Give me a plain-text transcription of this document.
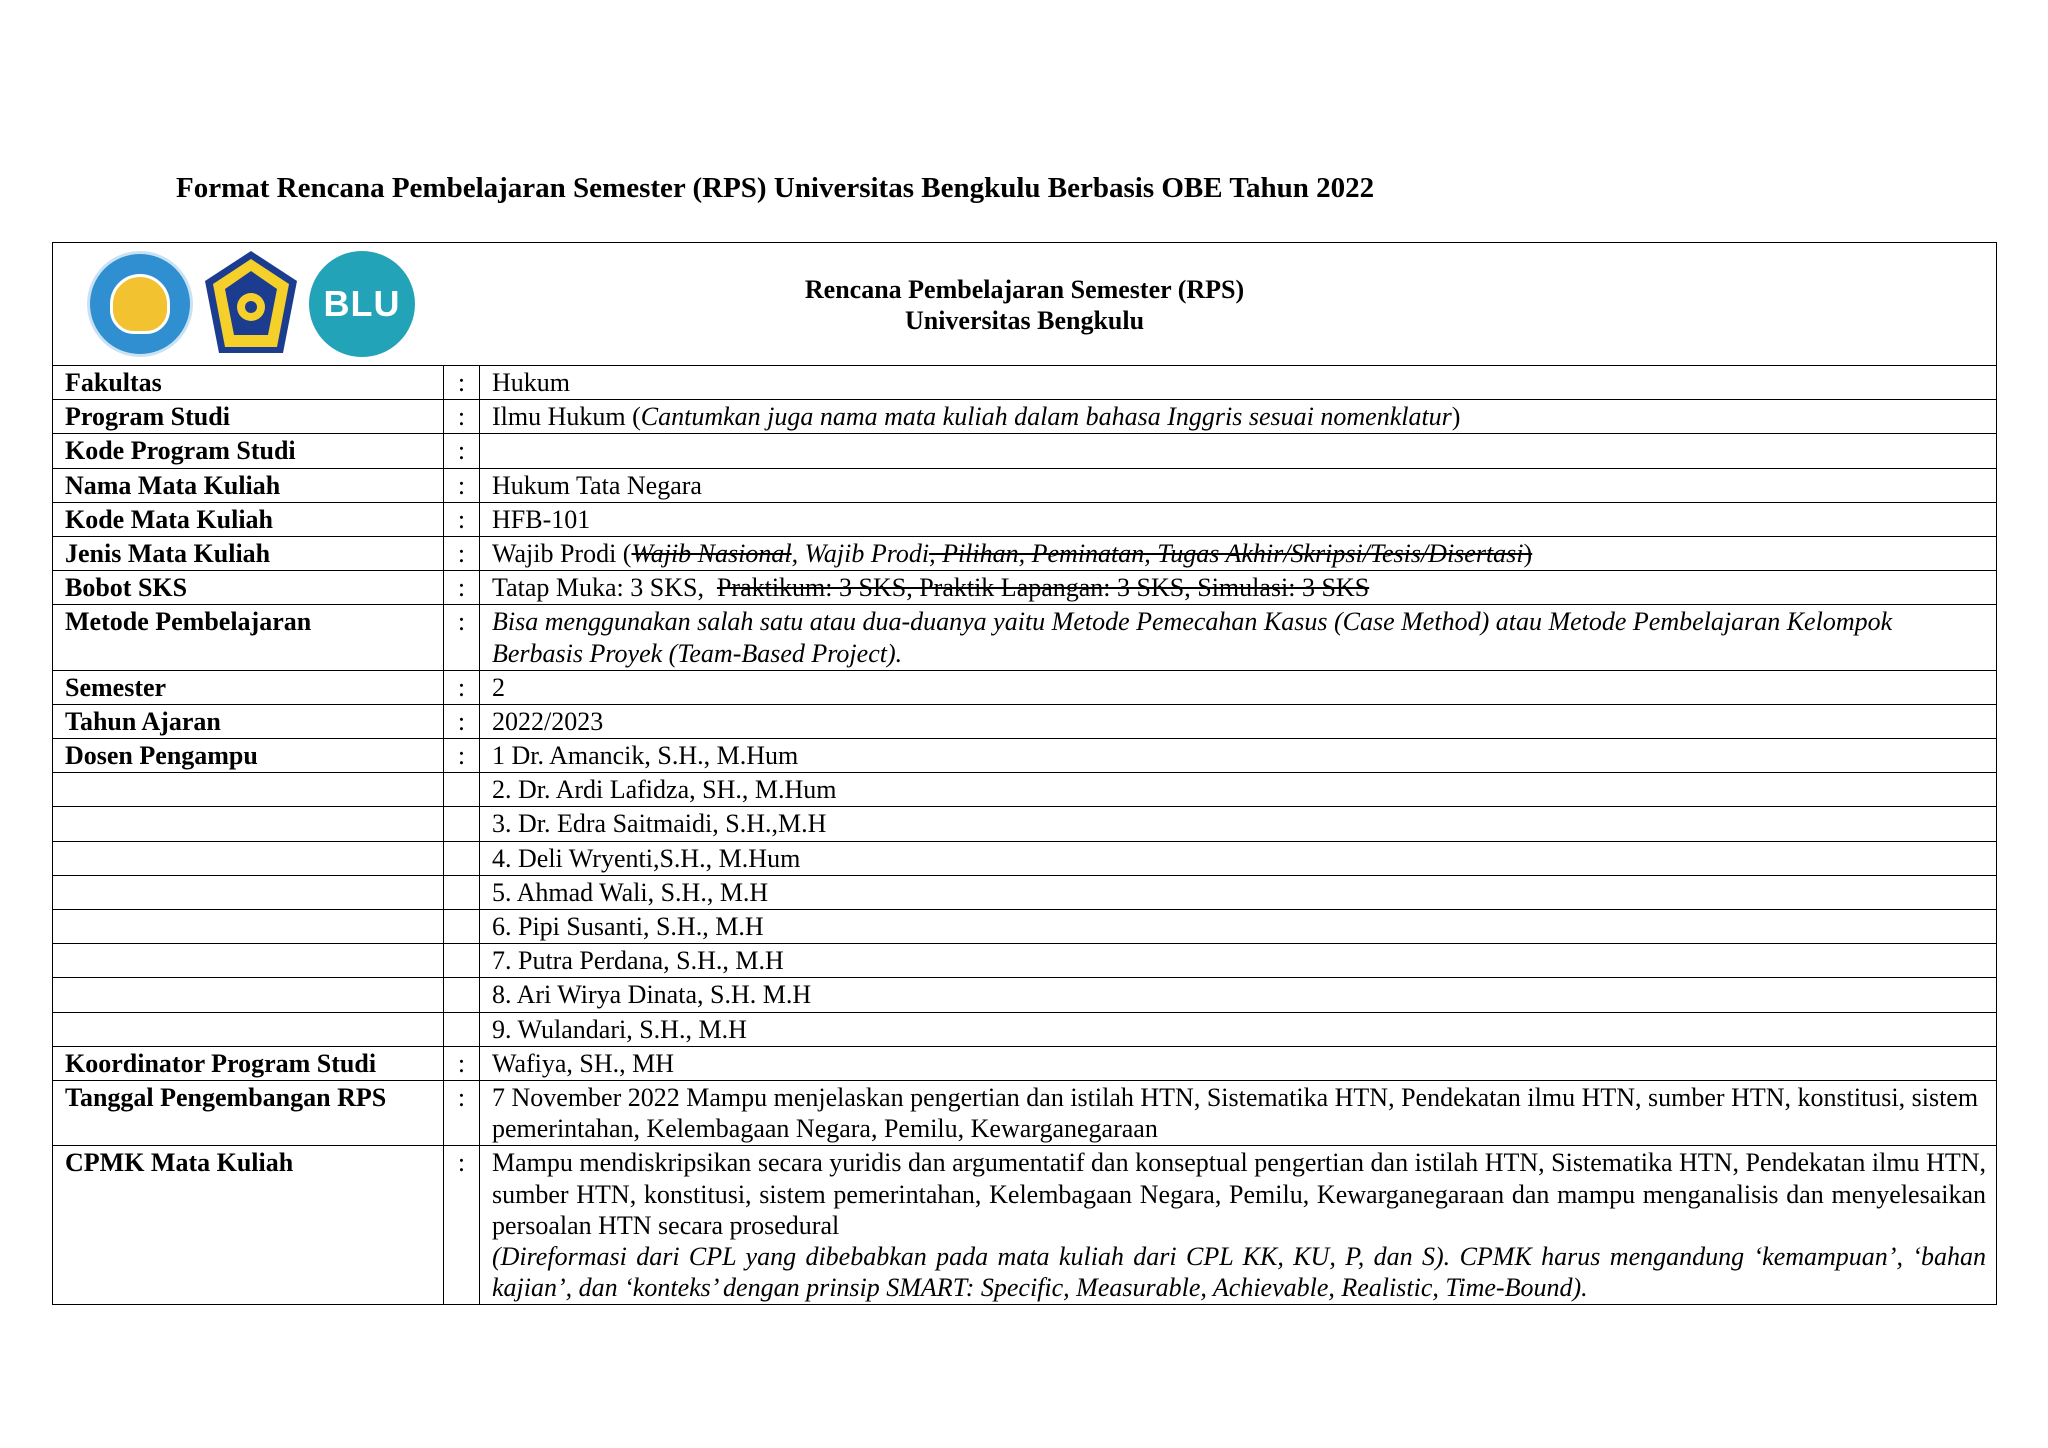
Format Rencana Pembelajaran Semester (RPS) Universitas Bengkulu Berbasis OBE Tahun 2022
BLU Rencana Pembelajaran Semester (RPS)
Universitas Bengkulu		

Fakultas	:	Hukum
Program Studi	:	Ilmu Hukum (Cantumkan juga nama mata kuliah dalam bahasa Inggris sesuai nomenklatur)
Kode Program Studi	:	
Nama Mata Kuliah	:	Hukum Tata Negara
Kode Mata Kuliah	:	HFB-101
Jenis Mata Kuliah	:	Wajib Prodi (Wajib Nasional, Wajib Prodi, Pilihan, Peminatan, Tugas Akhir/Skripsi/Tesis/Disertasi)
Bobot SKS	:	Tatap Muka: 3 SKS, Praktikum: 3 SKS, Praktik Lapangan: 3 SKS, Simulasi: 3 SKS
Metode Pembelajaran	:	Bisa menggunakan salah satu atau dua-duanya yaitu Metode Pemecahan Kasus (Case Method) atau Metode Pembelajaran Kelompok Berbasis Proyek (Team-Based Project).
Semester	:	2
Tahun Ajaran	:	2022/2023
Dosen Pengampu	:	1 Dr. Amancik, S.H., M.Hum
		2. Dr. Ardi Lafidza, SH., M.Hum
		3. Dr. Edra Saitmaidi, S.H.,M.H
		4. Deli Wryenti,S.H., M.Hum
		5. Ahmad Wali, S.H., M.H
		6. Pipi Susanti, S.H., M.H
		7. Putra Perdana, S.H., M.H
		8. Ari Wirya Dinata, S.H. M.H
		9. Wulandari, S.H., M.H
Koordinator Program Studi	:	Wafiya, SH., MH
Tanggal Pengembangan RPS	:	7 November 2022 Mampu menjelaskan pengertian dan istilah HTN, Sistematika HTN, Pendekatan ilmu HTN, sumber HTN, konstitusi, sistem pemerintahan, Kelembagaan Negara, Pemilu, Kewarganegaraan
CPMK Mata Kuliah	:	Mampu mendiskripsikan secara yuridis dan argumentatif dan konseptual pengertian dan istilah HTN, Sistematika HTN, Pendekatan ilmu HTN, sumber HTN, konstitusi, sistem pemerintahan, Kelembagaan Negara, Pemilu, Kewarganegaraan dan mampu menganalisis dan menyelesaikan persoalan HTN secara prosedural
(Direformasi dari CPL yang dibebabkan pada mata kuliah dari CPL KK, KU, P, dan S). CPMK harus mengandung ‘kemampuan’, ‘bahan kajian’, dan ‘konteks’ dengan prinsip SMART: Specific, Measurable, Achievable, Realistic, Time-Bound).
